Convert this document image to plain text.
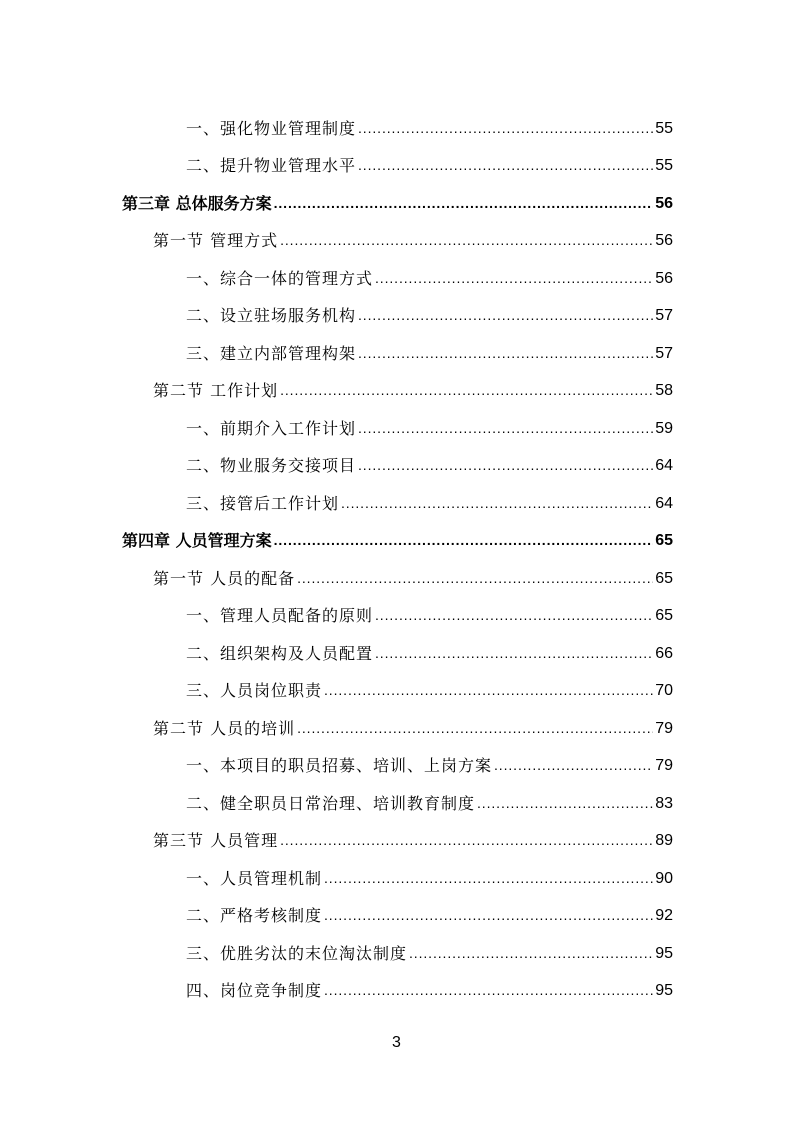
一、强化物业管理制度 .....	55
二、提升物业管理水平 .....	55
第三章 总体服务方案 .....	56
第一节 管理方式 .....	56
一、综合一体的管理方式 .....	56
二、设立驻场服务机构 .....	57
三、建立内部管理构架 .....	57
第二节 工作计划 .....	58
一、前期介入工作计划 .....	59
二、物业服务交接项目 .....	64
三、接管后工作计划 .....	64
第四章 人员管理方案 .....	65
第一节 人员的配备 .....	65
一、管理人员配备的原则 .....	65
二、组织架构及人员配置 .....	66
三、人员岗位职责 .....	70
第二节 人员的培训 .....	79
一、本项目的职员招募、培训、上岗方案 .....	79
二、健全职员日常治理、培训教育制度 .....	83
第三节 人员管理 .....	89
一、人员管理机制 .....	90
二、严格考核制度 .....	92
三、优胜劣汰的末位淘汰制度 .....	95
四、岗位竞争制度 .....	95
3
